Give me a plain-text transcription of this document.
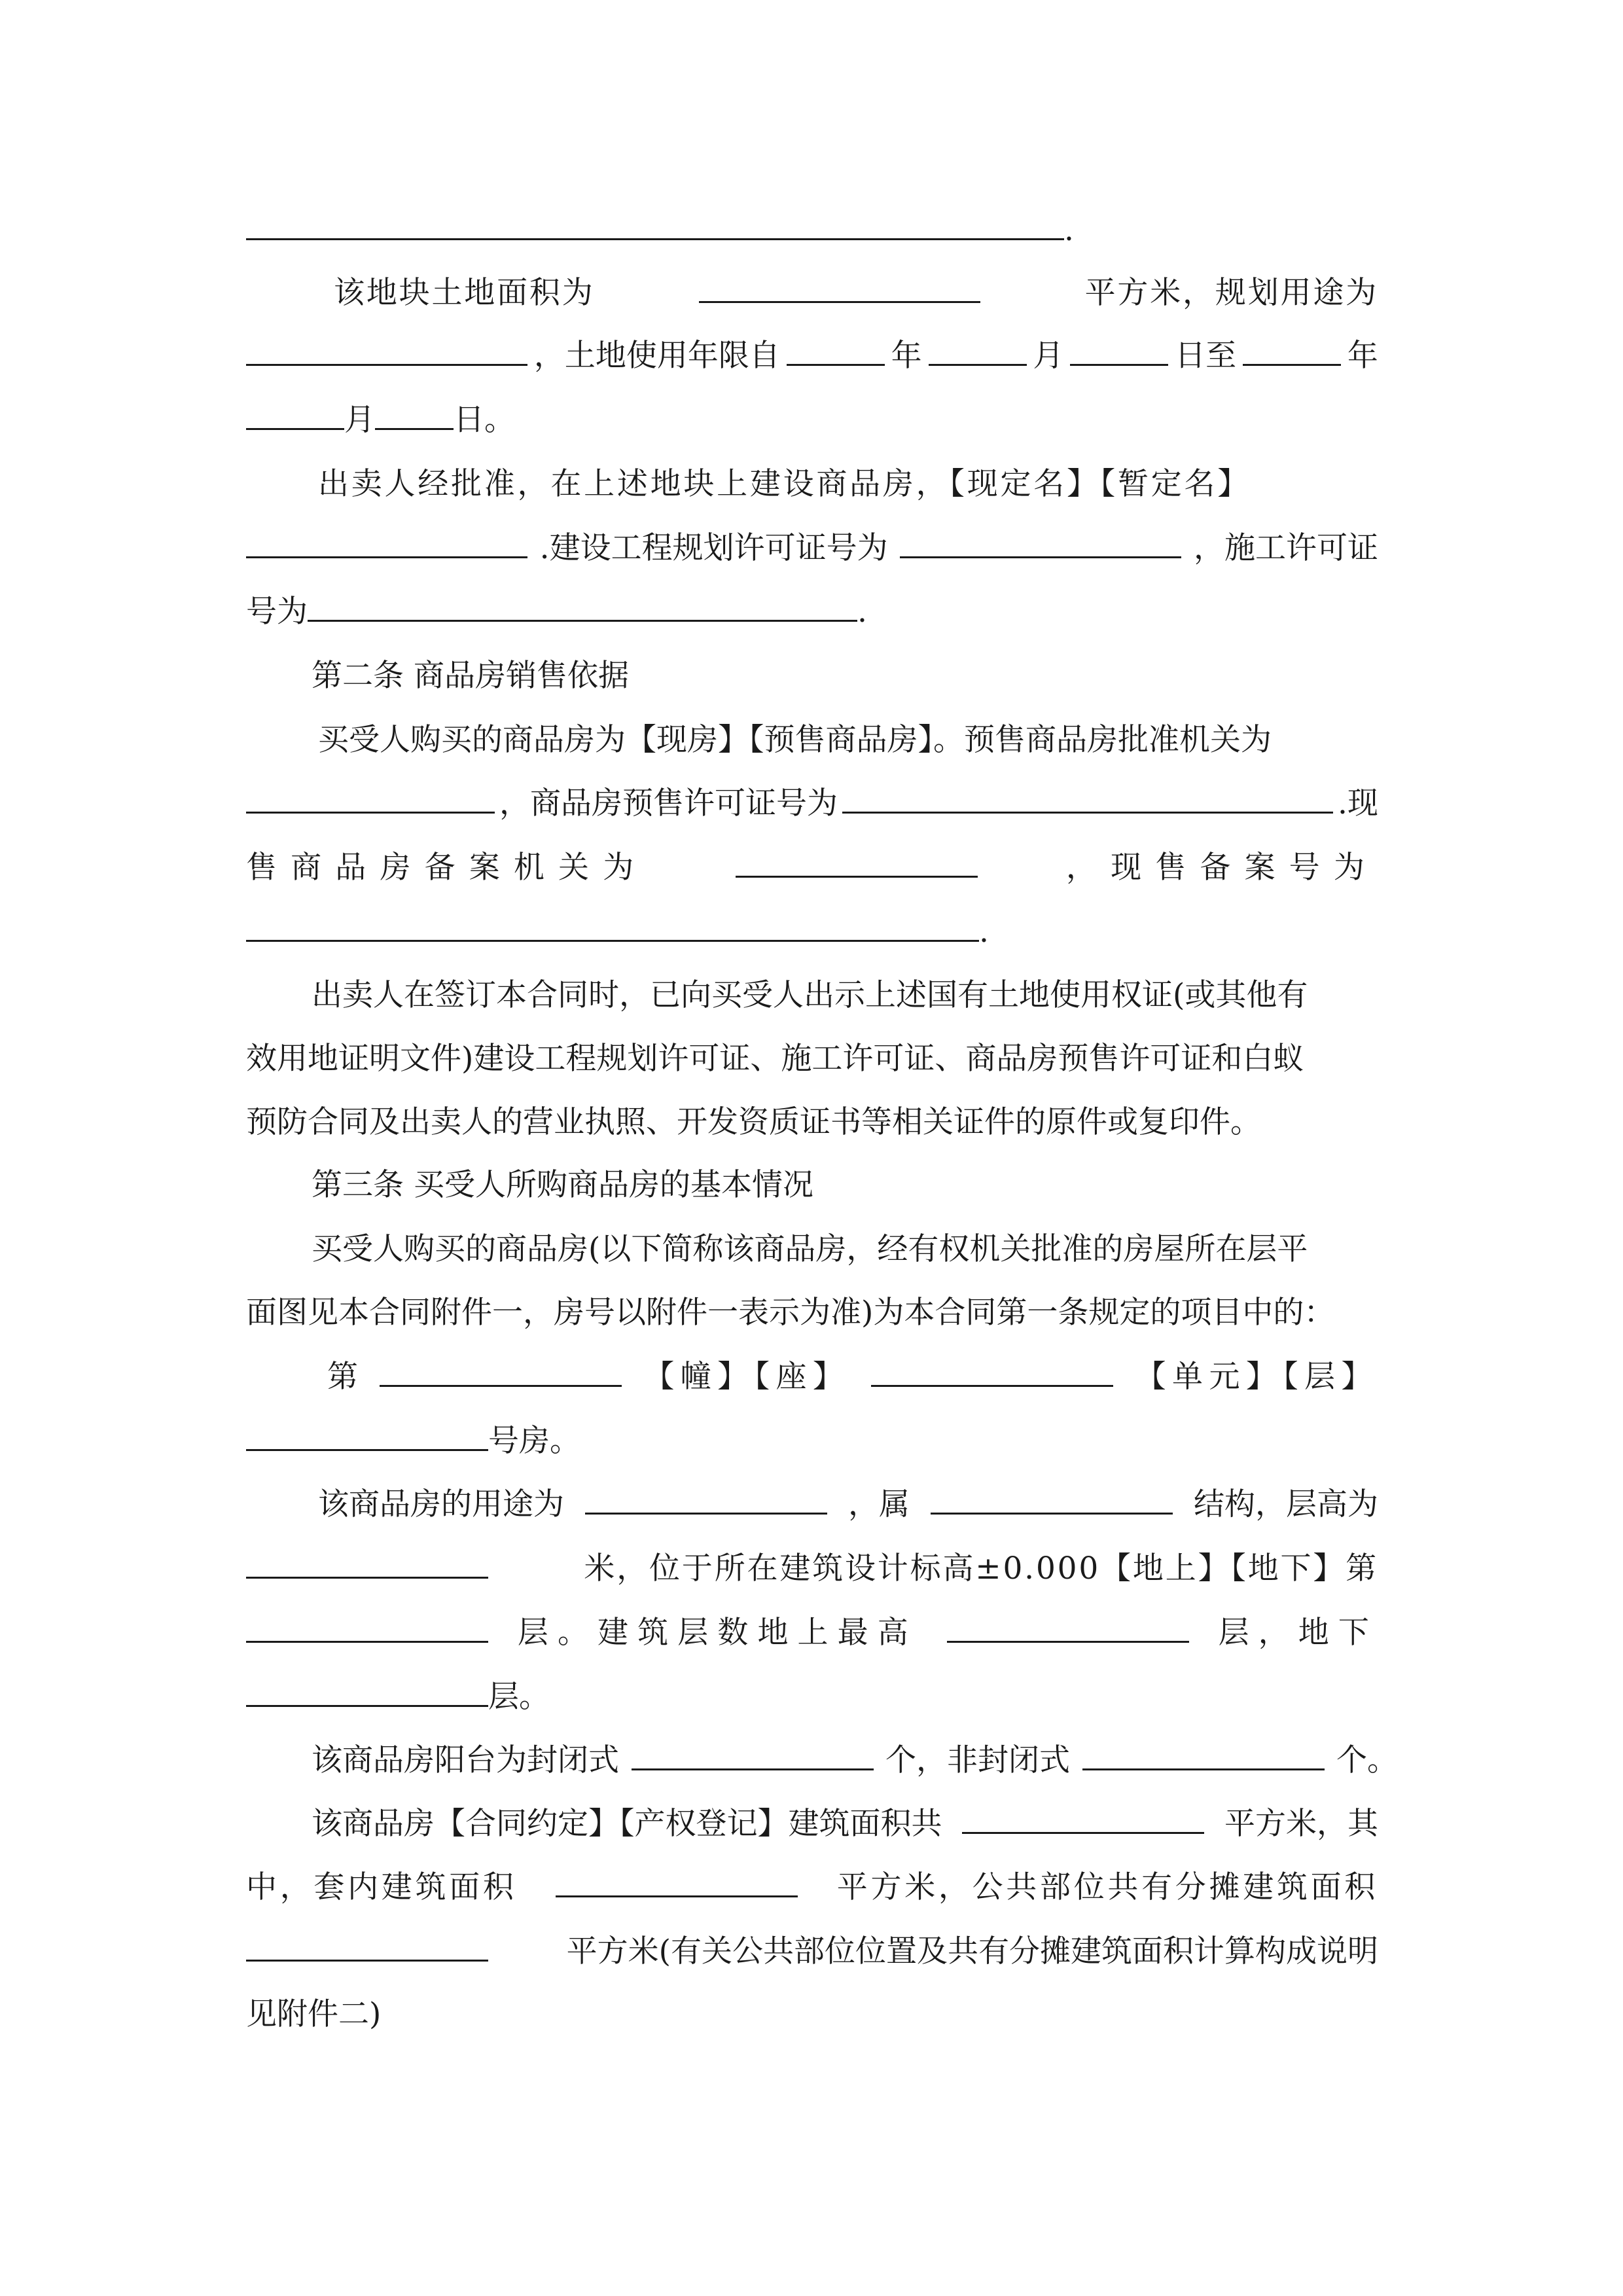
.
该地块土地面积为	平方米，规划用途为
，土地使用年限自	年	月	日至	年
月	日。
出卖人经批准，在上述地块上建设商品房，【现定名】【暂定名】
.建设工程规划许可证号为	，施工许可证
号为	.
第二条 商品房销售依据
买受人购买的商品房为【现房】【预售商品房】。预售商品房批准机关为
，商品房预售许可证号为	.现
售商品房备案机关为	，现售备案号为
.
出卖人在签订本合同时，已向买受人出示上述国有土地使用权证(或其他有
效用地证明文件)建设工程规划许可证、施工许可证、商品房预售许可证和白蚁
预防合同及出卖人的营业执照、开发资质证书等相关证件的原件或复印件。
第三条 买受人所购商品房的基本情况
买受人购买的商品房(以下简称该商品房，经有权机关批准的房屋所在层平
面图见本合同附件一，房号以附件一表示为准)为本合同第一条规定的项目中的：
第	【幢】【座】	【单元】【层】
号房。
该商品房的用途为	，属	结构，层高为
米，位于所在建筑设计标高±0.000【地上】【地下】第
层。建筑层数地上最高	层，地下
层。
该商品房阳台为封闭式	个，非封闭式	个。
该商品房【合同约定】【产权登记】建筑面积共	平方米，其
中，套内建筑面积	平方米，公共部位共有分摊建筑面积
平方米(有关公共部位位置及共有分摊建筑面积计算构成说明
见附件二)
